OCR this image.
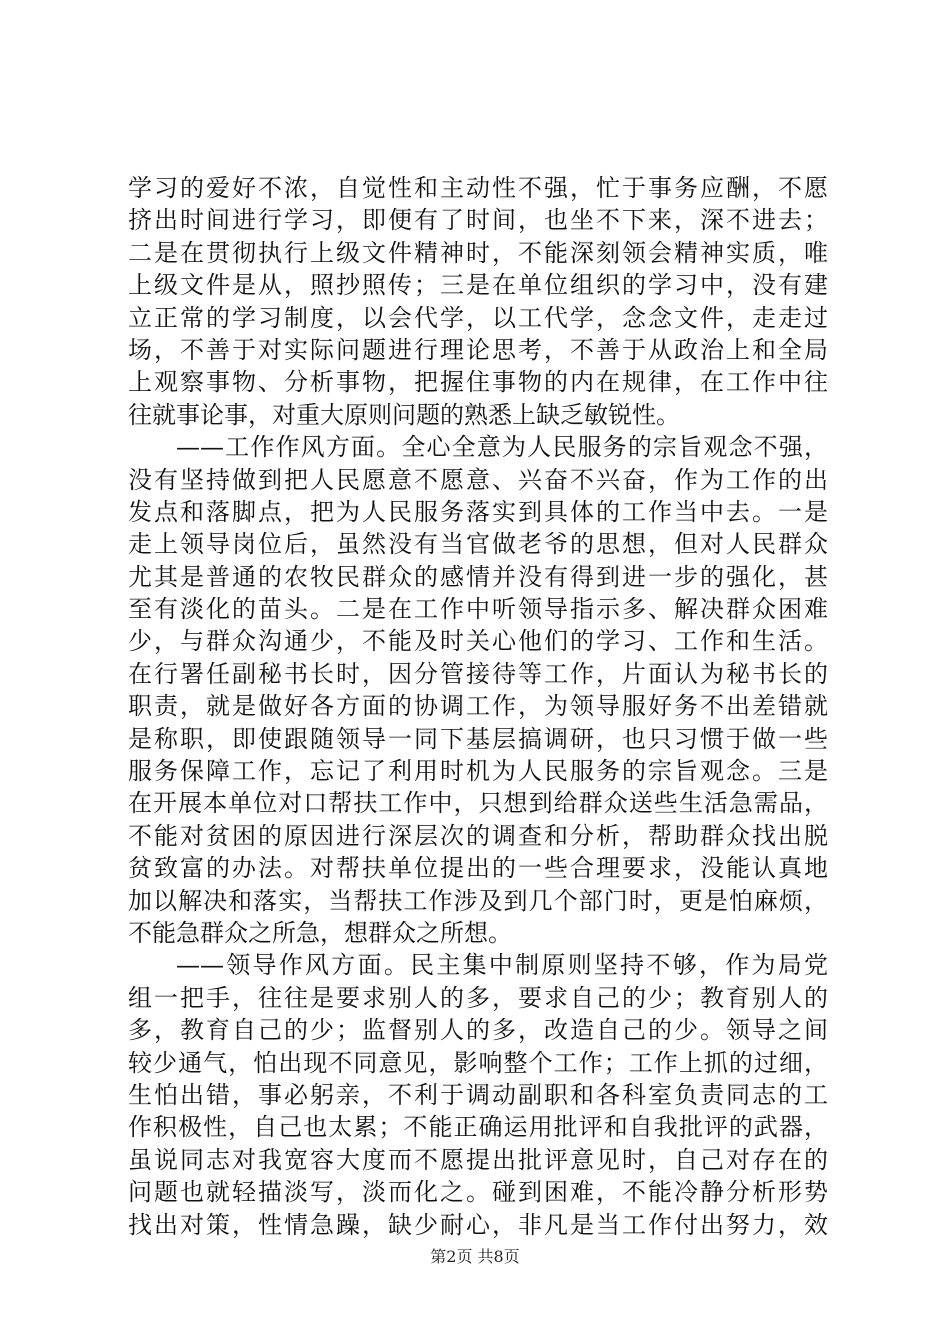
学习的爱好不浓，自觉性和主动性不强，忙于事务应酬，不愿
挤出时间进行学习，即便有了时间，也坐不下来，深不进去；
二是在贯彻执行上级文件精神时，不能深刻领会精神实质，唯
上级文件是从，照抄照传；三是在单位组织的学习中，没有建
立正常的学习制度，以会代学，以工代学，念念文件，走走过
场，不善于对实际问题进行理论思考，不善于从政治上和全局
上观察事物、分析事物，把握住事物的内在规律，在工作中往
往就事论事，对重大原则问题的熟悉上缺乏敏锐性。
——工作作风方面。全心全意为人民服务的宗旨观念不强，
没有坚持做到把人民愿意不愿意、兴奋不兴奋，作为工作的出
发点和落脚点，把为人民服务落实到具体的工作当中去。一是
走上领导岗位后，虽然没有当官做老爷的思想，但对人民群众
尤其是普通的农牧民群众的感情并没有得到进一步的强化，甚
至有淡化的苗头。二是在工作中听领导指示多、解决群众困难
少，与群众沟通少，不能及时关心他们的学习、工作和生活。
在行署任副秘书长时，因分管接待等工作，片面认为秘书长的
职责，就是做好各方面的协调工作，为领导服好务不出差错就
是称职，即使跟随领导一同下基层搞调研，也只习惯于做一些
服务保障工作，忘记了利用时机为人民服务的宗旨观念。三是
在开展本单位对口帮扶工作中，只想到给群众送些生活急需品，
不能对贫困的原因进行深层次的调查和分析，帮助群众找出脱
贫致富的办法。对帮扶单位提出的一些合理要求，没能认真地
加以解决和落实，当帮扶工作涉及到几个部门时，更是怕麻烦，
不能急群众之所急，想群众之所想。
——领导作风方面。民主集中制原则坚持不够，作为局党
组一把手，往往是要求别人的多，要求自己的少；教育别人的
多，教育自己的少；监督别人的多，改造自己的少。领导之间
较少通气，怕出现不同意见，影响整个工作；工作上抓的过细，
生怕出错，事必躬亲，不利于调动副职和各科室负责同志的工
作积极性，自己也太累；不能正确运用批评和自我批评的武器，
虽说同志对我宽容大度而不愿提出批评意见时，自己对存在的
问题也就轻描淡写，淡而化之。碰到困难，不能冷静分析形势
找出对策，性情急躁，缺少耐心，非凡是当工作付出努力，效
第2页 共8页
